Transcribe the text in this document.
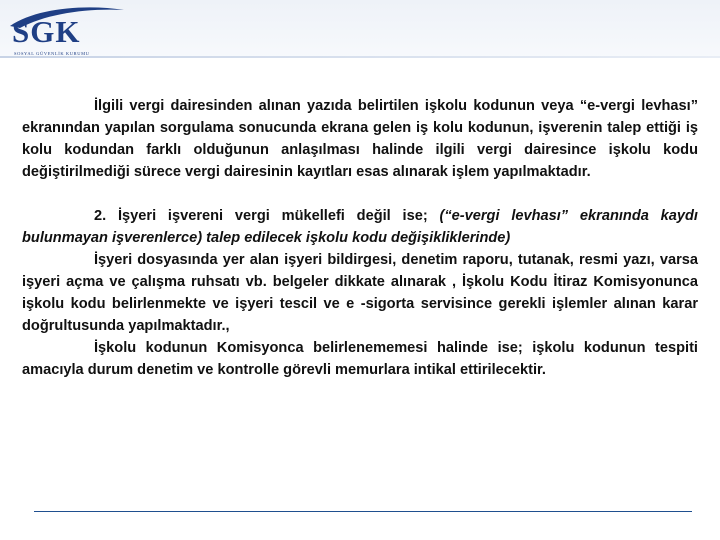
SGK
SOSYAL GÜVENLİK KURUMU

İlgili vergi dairesinden alınan yazıda belirtilen işkolu kodunun veya “e-vergi levhası” ekranından yapılan sorgulama sonucunda ekrana gelen iş kolu kodunun, işverenin talep ettiği iş kolu kodundan farklı olduğunun anlaşılması halinde ilgili vergi dairesince işkolu kodu değiştirilmediği sürece vergi dairesinin kayıtları esas alınarak işlem yapılmaktadır.

2. İşyeri işvereni vergi mükellefi değil ise; (“e-vergi levhası” ekranında kaydı bulunmayan işverenlerce) talep edilecek işkolu kodu değişikliklerinde)

İşyeri dosyasında yer alan işyeri bildirgesi, denetim raporu, tutanak, resmi yazı, varsa işyeri açma ve çalışma ruhsatı vb. belgeler dikkate alınarak , İşkolu Kodu İtiraz Komisyonunca işkolu kodu belirlenmekte ve işyeri tescil ve e -sigorta servisince gerekli işlemler alınan karar doğrultusunda yapılmaktadır.,

İşkolu kodunun Komisyonca belirlenememesi halinde ise; işkolu kodunun tespiti amacıyla durum denetim ve kontrolle görevli memurlara intikal ettirilecektir.
